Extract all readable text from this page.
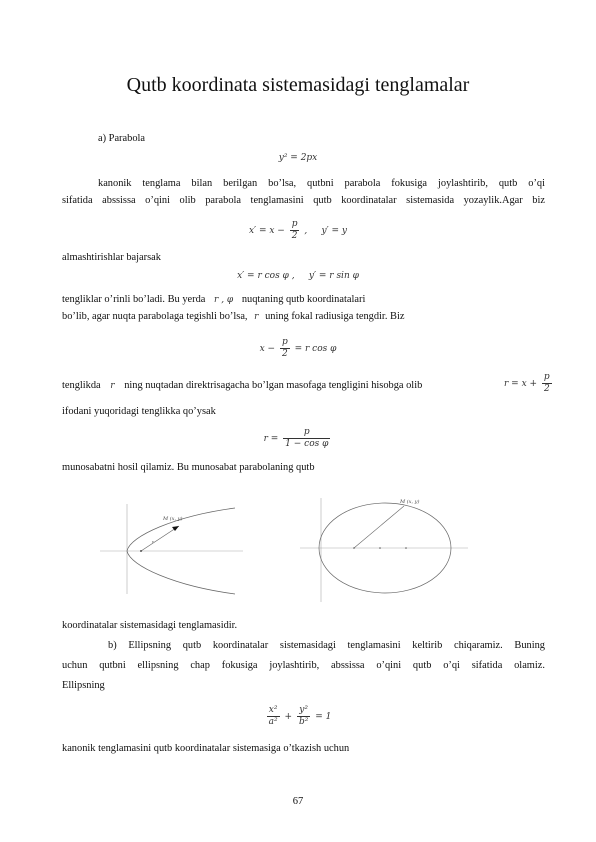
Qutb koordinata sistemasidagi tenglamalar
a) Parabola
y² = 2px
kanonik tenglama bilan berilgan bo’lsa, qutbni parabola fokusiga joylashtirib, qutb o’qi
sifatida abssissa o’qini olib parabola tenglamasini qutb koordinatalar sistemasida yozaylik.Agar biz
$x' = x - \frac{p}{2}$ ,     y′ = y
almashtirishlar bajarsak
x′ = r cos φ ,     y′ = r sin φ
tengliklar o’rinli bo’ladi. Bu yerda r , φ nuqtaning qutb koordinatalari
bo’lib, agar nuqta parabolaga tegishli bo’lsa, r uning fokal radiusiga tengdir. Biz
$x - \frac{p}{2} = r$ cos φ
tenglikda r ning nuqtadan direktrisagacha bo’lgan masofaga tengligini hisobga olib	$r = x + \frac{p}{2}$
ifodani yuqoridagi tenglikka qo’ysak
$r = \frac{p}{\text{1 − cos φ}}$
munosabatni hosil qilamiz. Bu munosabat parabolaning qutb
M (x, y)
r
M (x, y)
koordinatalar sistemasidagi tenglamasidir.
b) Ellipsning qutb koordinatalar sistemasidagi tenglamasini keltirib chiqaramiz. Buning
uchun qutbni ellipsning chap fokusiga joylashtirib, abssissa o’qini qutb o’qi sifatida olamiz.
Ellipsning
$\frac{\text{x²}}{\text{a²}} + \frac{\text{y²}}{\text{b²}} = 1$
kanonik tenglamasini qutb koordinatalar sistemasiga o’tkazish uchun
67
